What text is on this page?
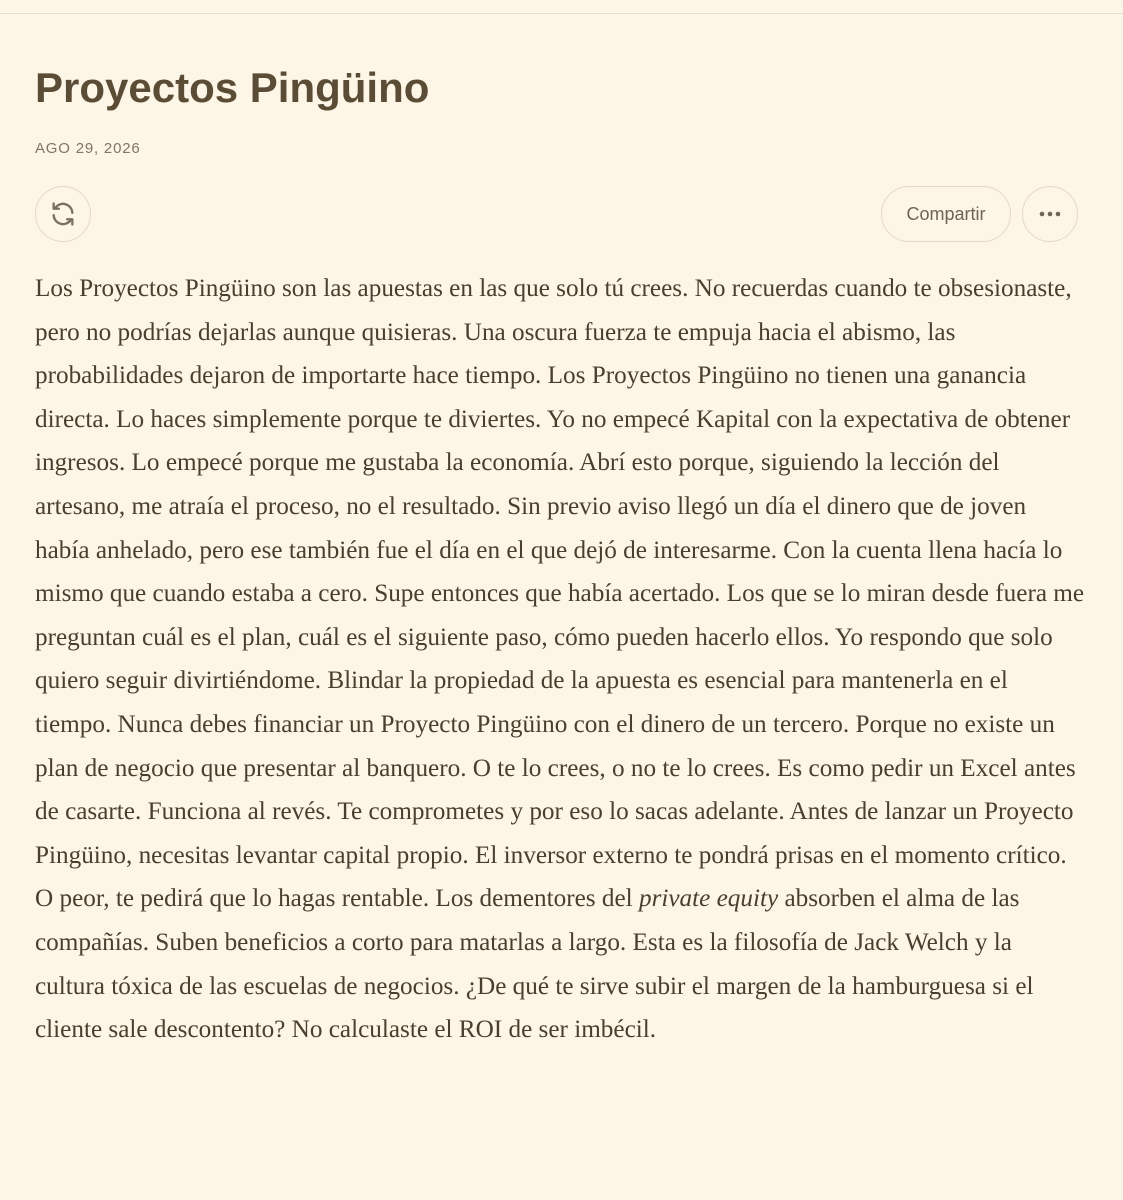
Proyectos Pingüino
AGO 29, 2026
Compartir

Los Proyectos Pingüino son las apuestas en las que solo tú crees. No recuerdas cuando te obsesionaste, pero no podrías dejarlas aunque quisieras. Una oscura fuerza te empuja hacia el abismo, las probabilidades dejaron de importarte hace tiempo. Los Proyectos Pingüino no tienen una ganancia directa. Lo haces simplemente porque te diviertes. Yo no empecé Kapital con la expectativa de obtener ingresos. Lo empecé porque me gustaba la economía. Abrí esto porque, siguiendo la lección del artesano, me atraía el proceso, no el resultado. Sin previo aviso llegó un día el dinero que de joven había anhelado, pero ese también fue el día en el que dejó de interesarme. Con la cuenta llena hacía lo mismo que cuando estaba a cero. Supe entonces que había acertado. Los que se lo miran desde fuera me preguntan cuál es el plan, cuál es el siguiente paso, cómo pueden hacerlo ellos. Yo respondo que solo quiero seguir divirtiéndome. Blindar la propiedad de la apuesta es esencial para mantenerla en el tiempo. Nunca debes financiar un Proyecto Pingüino con el dinero de un tercero. Porque no existe un plan de negocio que presentar al banquero. O te lo crees, o no te lo crees. Es como pedir un Excel antes de casarte. Funciona al revés. Te comprometes y por eso lo sacas adelante. Antes de lanzar un Proyecto Pingüino, necesitas levantar capital propio. El inversor externo te pondrá prisas en el momento crítico. O peor, te pedirá que lo hagas rentable. Los dementores del private equity absorben el alma de las compañías. Suben beneficios a corto para matarlas a largo. Esta es la filosofía de Jack Welch y la cultura tóxica de las escuelas de negocios. ¿De qué te sirve subir el margen de la hamburguesa si el cliente sale descontento? No calculaste el ROI de ser imbécil.
